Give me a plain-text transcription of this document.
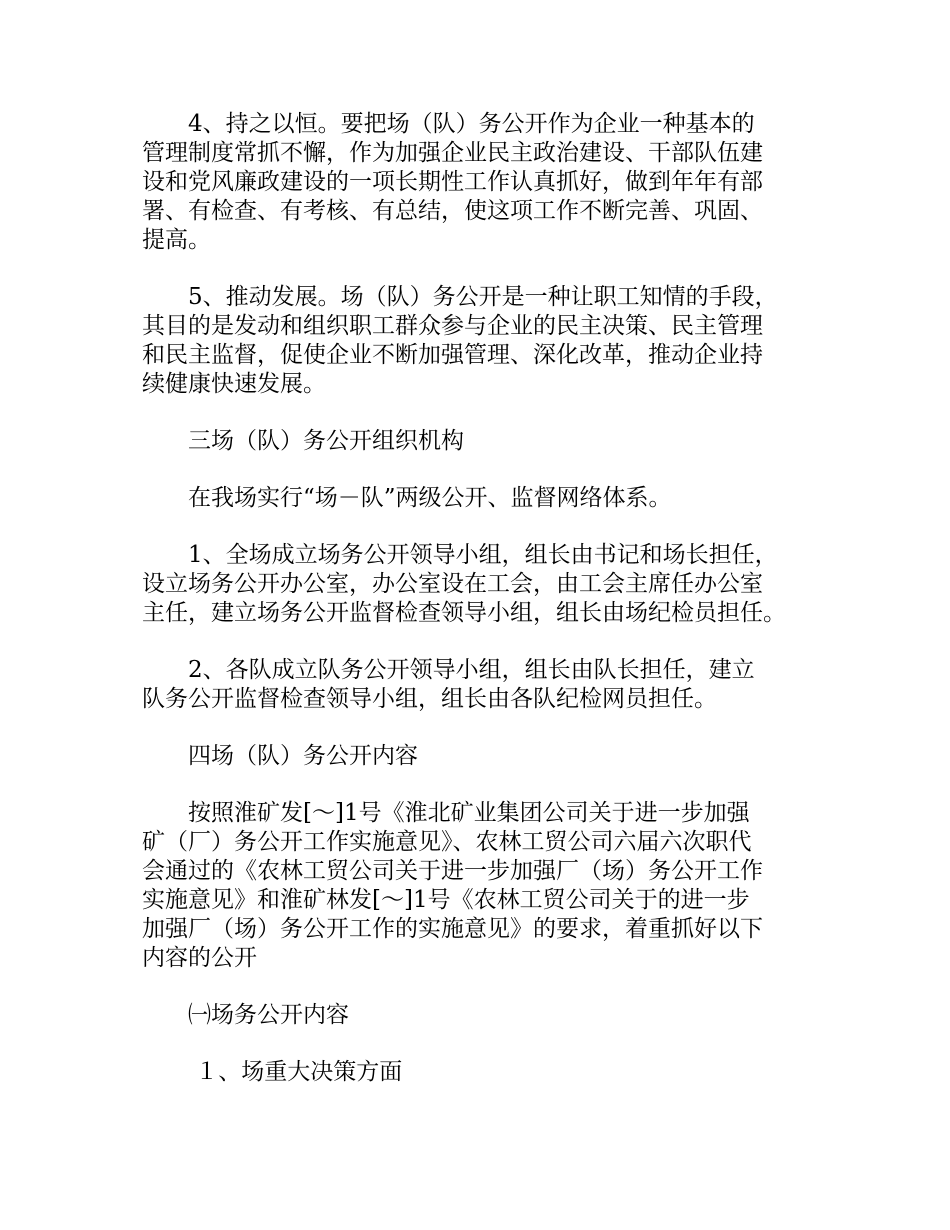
4、持之以恒。要把场（队）务公开作为企业一种基本的
管理制度常抓不懈，作为加强企业民主政治建设、干部队伍建
设和党风廉政建设的一项长期性工作认真抓好，做到年年有部
署、有检查、有考核、有总结，使这项工作不断完善、巩固、
提高。
5、推动发展。场（队）务公开是一种让职工知情的手段，
其目的是发动和组织职工群众参与企业的民主决策、民主管理
和民主监督，促使企业不断加强管理、深化改革，推动企业持
续健康快速发展。
三场（队）务公开组织机构
在我场实行“场－队”两级公开、监督网络体系。
1、全场成立场务公开领导小组，组长由书记和场长担任，
设立场务公开办公室，办公室设在工会，由工会主席任办公室
主任，建立场务公开监督检查领导小组，组长由场纪检员担任。
2、各队成立队务公开领导小组，组长由队长担任，建立
队务公开监督检查领导小组，组长由各队纪检网员担任。
四场（队）务公开内容
按照淮矿发[～]1号《淮北矿业集团公司关于进一步加强
矿（厂）务公开工作实施意见》、农林工贸公司六届六次职代
会通过的《农林工贸公司关于进一步加强厂（场）务公开工作
实施意见》和淮矿林发[～]1号《农林工贸公司关于的进一步
加强厂（场）务公开工作的实施意见》的要求，着重抓好以下
内容的公开
㈠场务公开内容
１、场重大决策方面
